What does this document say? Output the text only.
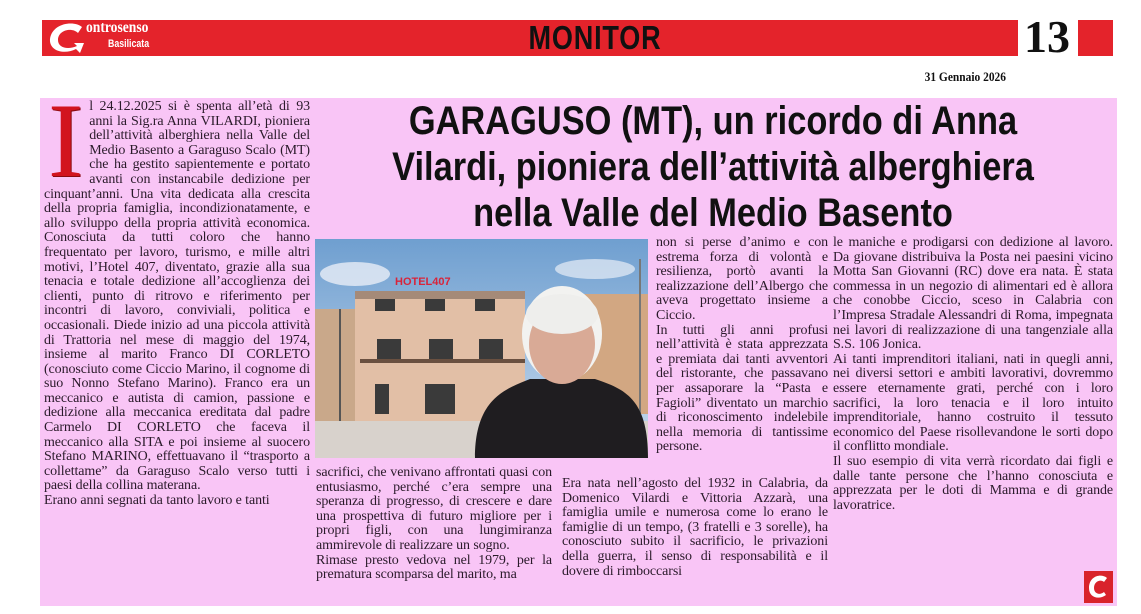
ontrosenso
Basilicata	MONITOR	13
31 Gennaio 2026
GARAGUSO (MT), un ricordo di Anna
Vilardi, pioniera dell’attività alberghiera
nella Valle del Medio Basento
I l 24.12.2025 si è spenta all’età di 93 anni la Sig.ra Anna VILARDI, pioniera dell’attività alberghiera nella Valle del Medio Basento a Garaguso Scalo (MT) che ha gestito sapientemente e portato avanti con instancabile dedizione per cinquant’anni. Una vita dedicata alla crescita della propria famiglia, incondizionatamente, e allo sviluppo della propria attività economica. Conosciuta da tutti coloro che hanno frequentato per lavoro, turismo, e mille altri motivi, l’Hotel 407, diventato, grazie alla sua tenacia e totale dedizione all’accoglienza dei clienti, punto di ritrovo e riferimento per incontri di lavoro, conviviali, politica e occasionali. Diede inizio ad una piccola attività di Trattoria nel mese di maggio del 1974, insieme al marito Franco DI CORLETO (conosciuto come Ciccio Marino, il cognome di suo Nonno Stefano Marino). Franco era un meccanico e autista di camion, passione e dedizione alla meccanica ereditata dal padre Carmelo DI CORLETO che faceva il meccanico alla SITA e poi insieme al suocero Stefano MARINO, effettuavano il “trasporto a collettame” da Garaguso Scalo verso tutti i paesi della collina materana.

Erano anni segnati da tanto lavoro e tanti

HOTEL407

sacrifici, che venivano affrontati quasi con entusiasmo, perché c’era sempre una speranza di progresso, di crescere e dare una prospettiva di futuro migliore per i propri figli, con una lungimiranza ammirevole di realizzare un sogno.

Rimase presto vedova nel 1979, per la prematura scomparsa del marito, ma

non si perse d’animo e con estrema forza di volontà e resilienza, portò avanti la realizzazione dell’Albergo che aveva progettato insieme a Ciccio.

In tutti gli anni profusi nell’attività è stata apprezzata e premiata dai tanti avventori del ristorante, che passavano per assaporare la “Pasta e Fagioli” diventato un marchio di riconoscimento indelebile nella memoria di tantissime persone.

Era nata nell’agosto del 1932 in Calabria, da Domenico Vilardi e Vittoria Azzarà, una famiglia umile e numerosa come lo erano le famiglie di un tempo, (3 fratelli e 3 sorelle), ha conosciuto subito il sacrificio, le privazioni della guerra, il senso di responsabilità e il dovere di rimboccarsi

le maniche e prodigarsi con dedizione al lavoro. Da giovane distribuiva la Posta nei paesini vicino Motta San Giovanni (RC) dove era nata. È stata commessa in un negozio di alimentari ed è allora che conobbe Ciccio, sceso in Calabria con l’Impresa Stradale Alessandri di Roma, impegnata nei lavori di realizzazione di una tangenziale alla S.S. 106 Jonica.

Ai tanti imprenditori italiani, nati in quegli anni, nei diversi settori e ambiti lavorativi, dovremmo essere eternamente grati, perché con i loro sacrifici, la loro tenacia e il loro intuito imprenditoriale, hanno costruito il tessuto economico del Paese risollevandone le sorti dopo il conflitto mondiale.

Il suo esempio di vita verrà ricordato dai figli e dalle tante persone che l’hanno conosciuta e apprezzata per le doti di Mamma e di grande lavoratrice.
